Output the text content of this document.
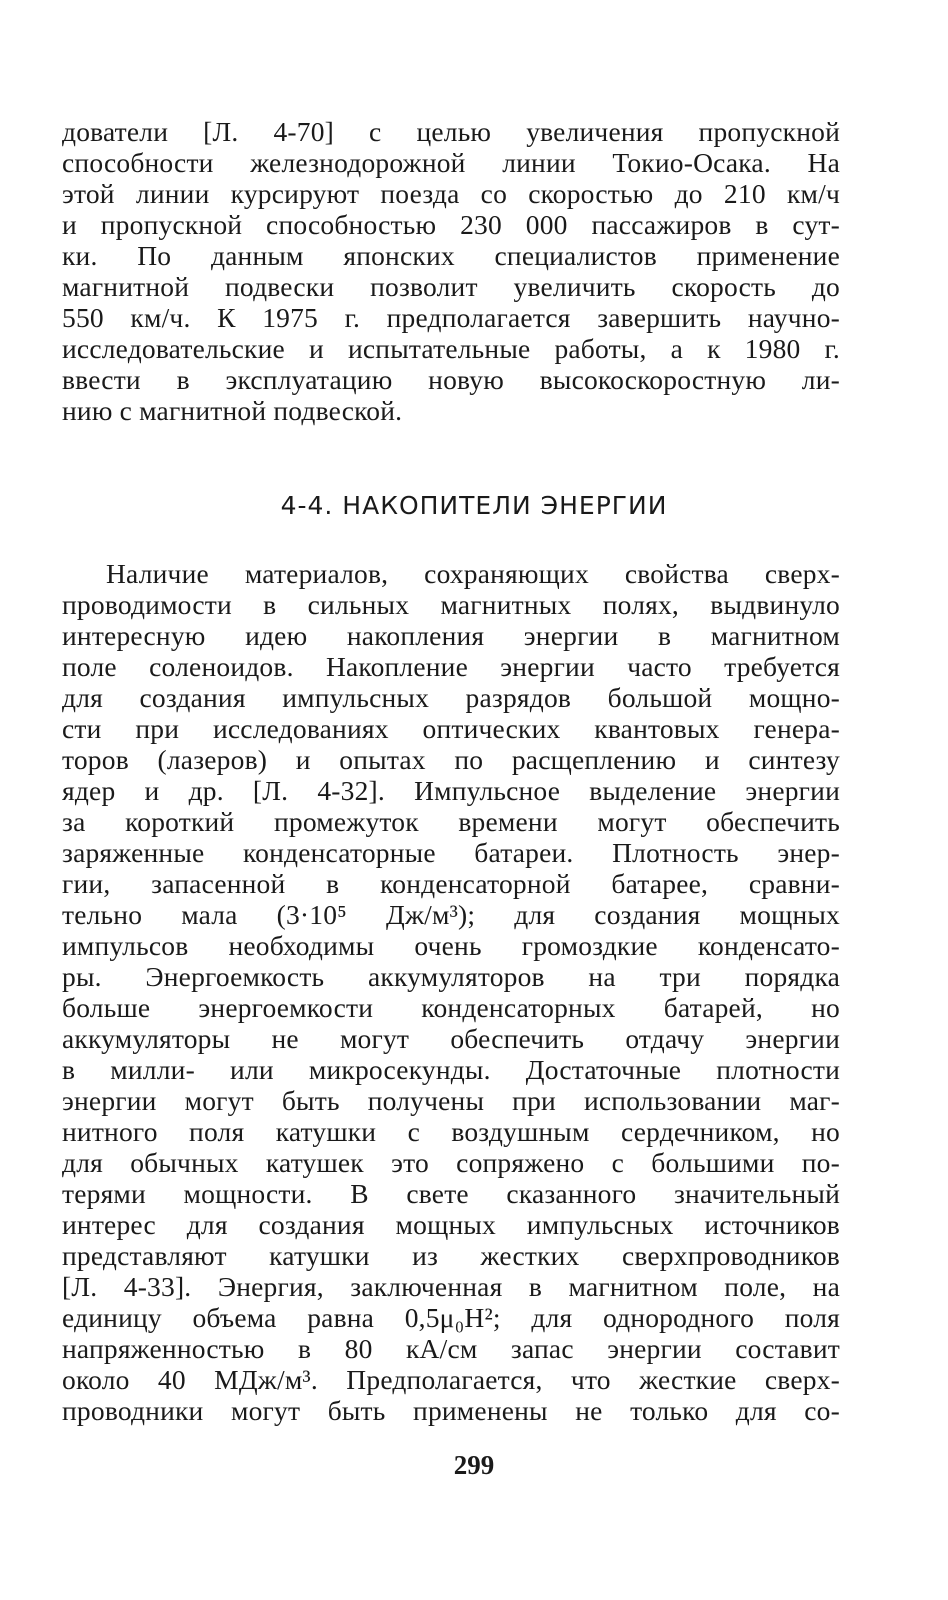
дователи [Л. 4-70] с целью увеличения пропускной
способности железнодорожной линии Токио-Осака. На
этой линии курсируют поезда со скоростью до 210 км/ч
и пропускной способностью 230 000 пассажиров в сут-
ки. По данным японских специалистов применение
магнитной подвески позволит увеличить скорость до
550 км/ч. К 1975 г. предполагается завершить научно-
исследовательские и испытательные работы, а к 1980 г.
ввести в эксплуатацию новую высокоскоростную ли-
нию с магнитной подвеской.
4-4. НАКОПИТЕЛИ ЭНЕРГИИ
Наличие материалов, сохраняющих свойства сверх-
проводимости в сильных магнитных полях, выдвинуло
интересную идею накопления энергии в магнитном
поле соленоидов. Накопление энергии часто требуется
для создания импульсных разрядов большой мощно-
сти при исследованиях оптических квантовых генера-
торов (лазеров) и опытах по расщеплению и синтезу
ядер и др. [Л. 4-32]. Импульсное выделение энергии
за короткий промежуток времени могут обеспечить
заряженные конденсаторные батареи. Плотность энер-
гии, запасенной в конденсаторной батарее, сравни-
тельно мала (3·10⁵ Дж/м³); для создания мощных
импульсов необходимы очень громоздкие конденсато-
ры. Энергоемкость аккумуляторов на три порядка
больше энергоемкости конденсаторных батарей, но
аккумуляторы не могут обеспечить отдачу энергии
в милли- или микросекунды. Достаточные плотности
энергии могут быть получены при использовании маг-
нитного поля катушки с воздушным сердечником, но
для обычных катушек это сопряжено с большими по-
терями мощности. В свете сказанного значительный
интерес для создания мощных импульсных источников
представляют катушки из жестких сверхпроводников
[Л. 4-33]. Энергия, заключенная в магнитном поле, на
единицу объема равна 0,5μ₀H²; для однородного поля
напряженностью в 80 кА/см запас энергии составит
около 40 МДж/м³. Предполагается, что жесткие сверх-
проводники могут быть применены не только для со-
299
